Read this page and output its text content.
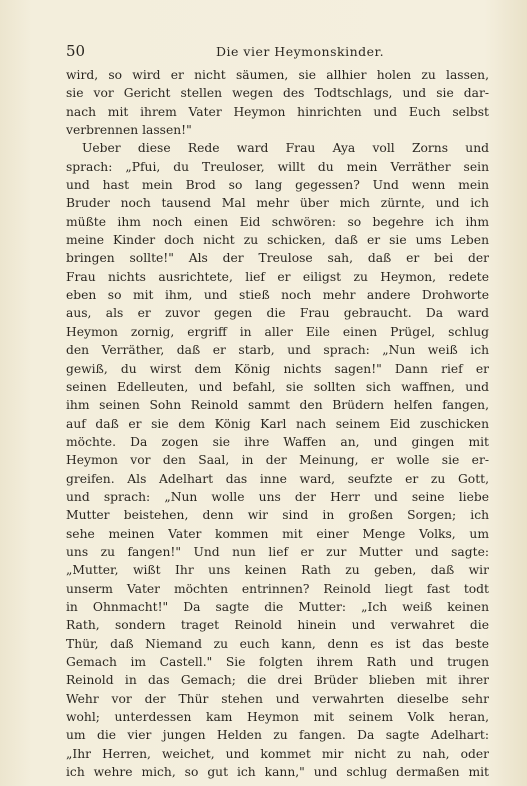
50	Die vier Heymonskinder.
wird, so wird er nicht säumen, sie allhier holen zu lassen,
sie vor Gericht stellen wegen des Todtschlags, und sie dar-
nach mit ihrem Vater Heymon hinrichten und Euch selbst
verbrennen lassen!"
Ueber diese Rede ward Frau Aya voll Zorns und
sprach: „Pfui, du Treuloser, willt du mein Verräther sein
und hast mein Brod so lang gegessen? Und wenn mein
Bruder noch tausend Mal mehr über mich zürnte, und ich
müßte ihm noch einen Eid schwören: so begehre ich ihm
meine Kinder doch nicht zu schicken, daß er sie ums Leben
bringen sollte!" Als der Treulose sah, daß er bei der
Frau nichts ausrichtete, lief er eiligst zu Heymon, redete
eben so mit ihm, und stieß noch mehr andere Drohworte
aus, als er zuvor gegen die Frau gebraucht. Da ward
Heymon zornig, ergriff in aller Eile einen Prügel, schlug
den Verräther, daß er starb, und sprach: „Nun weiß ich
gewiß, du wirst dem König nichts sagen!" Dann rief er
seinen Edelleuten, und befahl, sie sollten sich waffnen, und
ihm seinen Sohn Reinold sammt den Brüdern helfen fangen,
auf daß er sie dem König Karl nach seinem Eid zuschicken
möchte. Da zogen sie ihre Waffen an, und gingen mit
Heymon vor den Saal, in der Meinung, er wolle sie er-
greifen. Als Adelhart das inne ward, seufzte er zu Gott,
und sprach: „Nun wolle uns der Herr und seine liebe
Mutter beistehen, denn wir sind in großen Sorgen; ich
sehe meinen Vater kommen mit einer Menge Volks, um
uns zu fangen!" Und nun lief er zur Mutter und sagte:
„Mutter, wißt Ihr uns keinen Rath zu geben, daß wir
unserm Vater möchten entrinnen? Reinold liegt fast todt
in Ohnmacht!" Da sagte die Mutter: „Ich weiß keinen
Rath, sondern traget Reinold hinein und verwahret die
Thür, daß Niemand zu euch kann, denn es ist das beste
Gemach im Castell." Sie folgten ihrem Rath und trugen
Reinold in das Gemach; die drei Brüder blieben mit ihrer
Wehr vor der Thür stehen und verwahrten dieselbe sehr
wohl; unterdessen kam Heymon mit seinem Volk heran,
um die vier jungen Helden zu fangen. Da sagte Adelhart:
„Ihr Herren, weichet, und kommet mir nicht zu nah, oder
ich wehre mich, so gut ich kann," und schlug dermaßen mit
